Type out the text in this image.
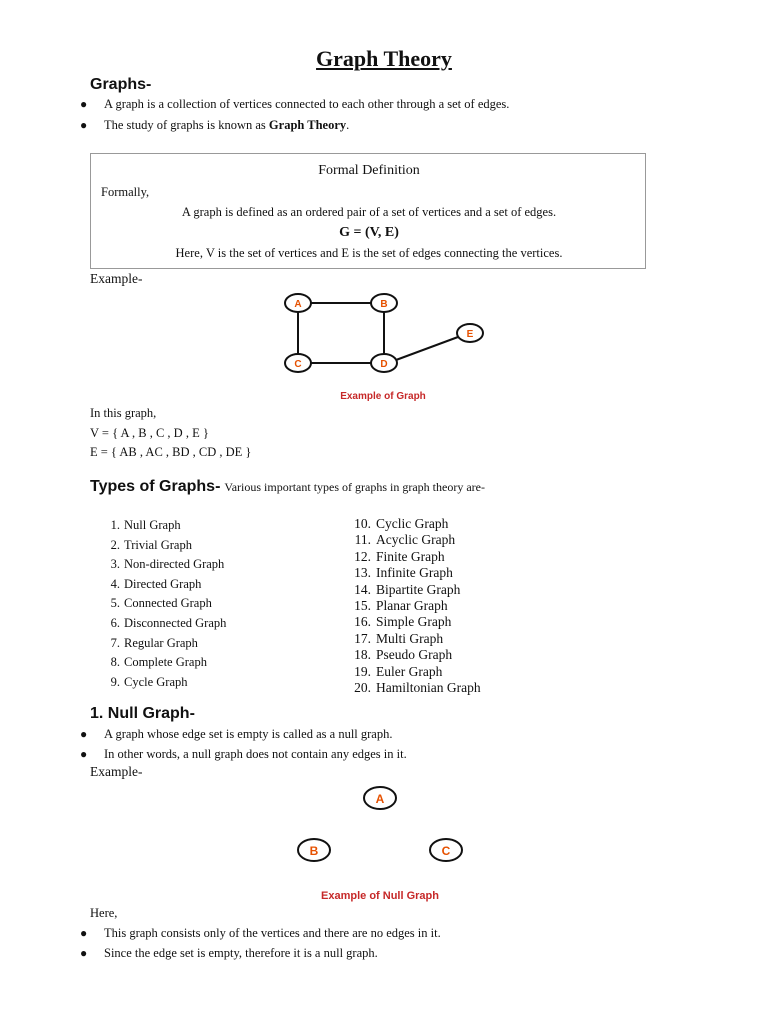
Graph Theory
Graphs-
● A graph is a collection of vertices connected to each other through a set of edges.
● The study of graphs is known as Graph Theory.
Formal Definition
Formally,
A graph is defined as an ordered pair of a set of vertices and a set of edges.
G = (V, E)
Here, V is the set of vertices and E is the set of edges connecting the vertices.
Example-
A	B
C	D
E
Example of Graph
In this graph,
V = { A , B , C , D , E }
E = { AB , AC , BD , CD , DE }
Types of Graphs- Various important types of graphs in graph theory are-
1. Null Graph
2. Trivial Graph
3. Non-directed Graph
4. Directed Graph
5. Connected Graph
6. Disconnected Graph
7. Regular Graph
8. Complete Graph
9. Cycle Graph
10. Cyclic Graph
11. Acyclic Graph
12. Finite Graph
13. Infinite Graph
14. Bipartite Graph
15. Planar Graph
16. Simple Graph
17. Multi Graph
18. Pseudo Graph
19. Euler Graph
20. Hamiltonian Graph
1. Null Graph-
● A graph whose edge set is empty is called as a null graph.
● In other words, a null graph does not contain any edges in it.
Example-
A
B	C
Example of Null Graph
Here,
● This graph consists only of the vertices and there are no edges in it.
● Since the edge set is empty, therefore it is a null graph.
